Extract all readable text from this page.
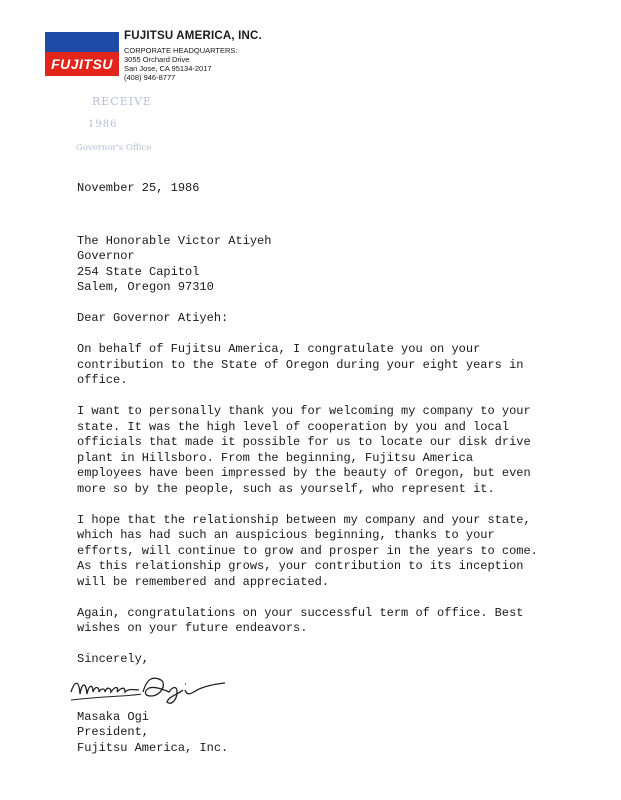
FUJITSU
FUJITSU AMERICA, INC.
CORPORATE HEADQUARTERS:
3055 Orchard Drive
San Jose, CA 95134-2017
(408) 946-8777
RECEIVE
1986
Governor's Office

November 25, 1986

The Honorable Victor Atiyeh
Governor
254 State Capitol
Salem, Oregon 97310

Dear Governor Atiyeh:

On behalf of Fujitsu America, I congratulate you on your
contribution to the State of Oregon during your eight years in
office.

I want to personally thank you for welcoming my company to your
state. It was the high level of cooperation by you and local
officials that made it possible for us to locate our disk drive
plant in Hillsboro. From the beginning, Fujitsu America
employees have been impressed by the beauty of Oregon, but even
more so by the people, such as yourself, who represent it.

I hope that the relationship between my company and your state,
which has had such an auspicious beginning, thanks to your
efforts, will continue to grow and prosper in the years to come.
As this relationship grows, your contribution to its inception
will be remembered and appreciated.

Again, congratulations on your successful term of office. Best
wishes on your future endeavors.

Sincerely,

Masaka Ogi
President,
Fujitsu America, Inc.
